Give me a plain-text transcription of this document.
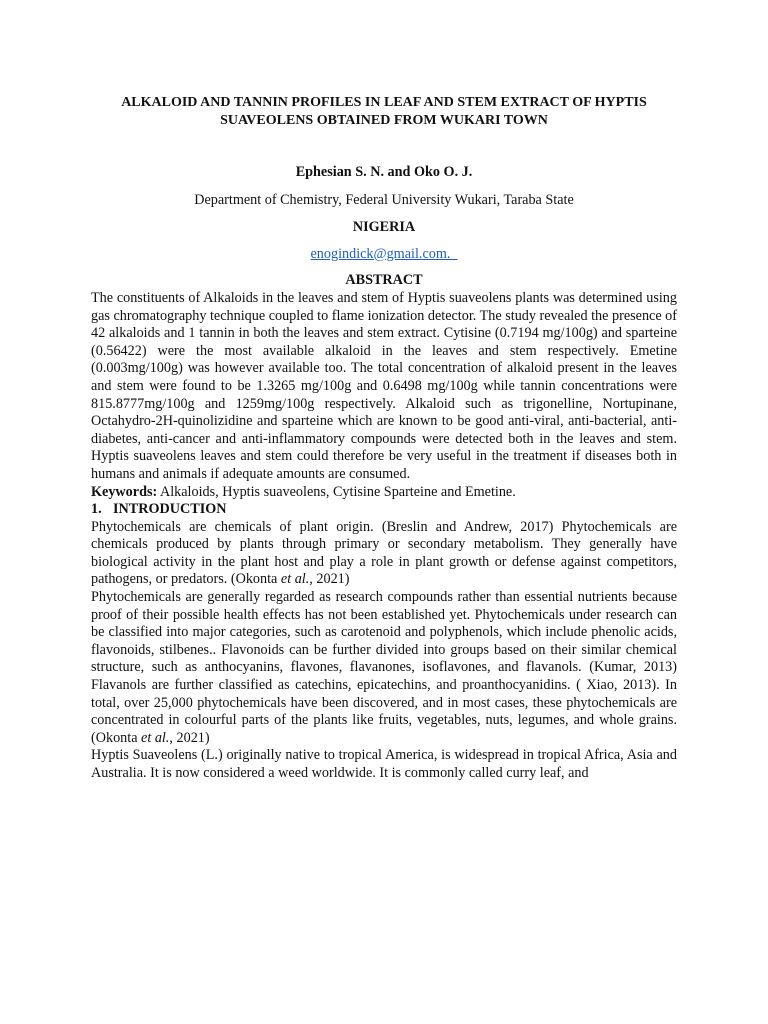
ALKALOID AND TANNIN PROFILES IN LEAF AND STEM EXTRACT OF HYPTIS
SUAVEOLENS OBTAINED FROM WUKARI TOWN

Ephesian S. N. and Oko O. J.

Department of Chemistry, Federal University Wukari, Taraba State

NIGERIA

enogindick@gmail.com.

ABSTRACT

The constituents of Alkaloids in the leaves and stem of Hyptis suaveolens plants was determined using gas chromatography technique coupled to flame ionization detector. The study revealed the presence of 42 alkaloids and 1 tannin in both the leaves and stem extract. Cytisine (0.7194 mg/100g) and sparteine (0.56422) were the most available alkaloid in the leaves and stem respectively. Emetine (0.003mg/100g) was however available too. The total concentration of alkaloid present in the leaves and stem were found to be 1.3265 mg/100g and 0.6498 mg/100g while tannin concentrations were 815.8777mg/100g and 1259mg/100g respectively. Alkaloid such as trigonelline, Nortupinane, Octahydro-2H-quinolizidine and sparteine which are known to be good anti-viral, anti-bacterial, anti-diabetes, anti-cancer and anti-inflammatory compounds were detected both in the leaves and stem. Hyptis suaveolens leaves and stem could therefore be very useful in the treatment if diseases both in humans and animals if adequate amounts are consumed.

Keywords: Alkaloids, Hyptis suaveolens, Cytisine Sparteine and Emetine.

1. INTRODUCTION

Phytochemicals are chemicals of plant origin. (Breslin and Andrew, 2017) Phytochemicals are chemicals produced by plants through primary or secondary metabolism. They generally have biological activity in the plant host and play a role in plant growth or defense against competitors, pathogens, or predators. (Okonta et al., 2021)

Phytochemicals are generally regarded as research compounds rather than essential nutrients because proof of their possible health effects has not been established yet. Phytochemicals under research can be classified into major categories, such as carotenoid and polyphenols, which include phenolic acids, flavonoids, stilbenes.. Flavonoids can be further divided into groups based on their similar chemical structure, such as anthocyanins, flavones, flavanones, isoflavones, and flavanols. (Kumar, 2013) Flavanols are further classified as catechins, epicatechins, and proanthocyanidins. ( Xiao, 2013). In total, over 25,000 phytochemicals have been discovered, and in most cases, these phytochemicals are concentrated in colourful parts of the plants like fruits, vegetables, nuts, legumes, and whole grains. (Okonta et al., 2021)

Hyptis Suaveolens (L.) originally native to tropical America, is widespread in tropical Africa, Asia and Australia. It is now considered a weed worldwide. It is commonly called curry leaf, and
